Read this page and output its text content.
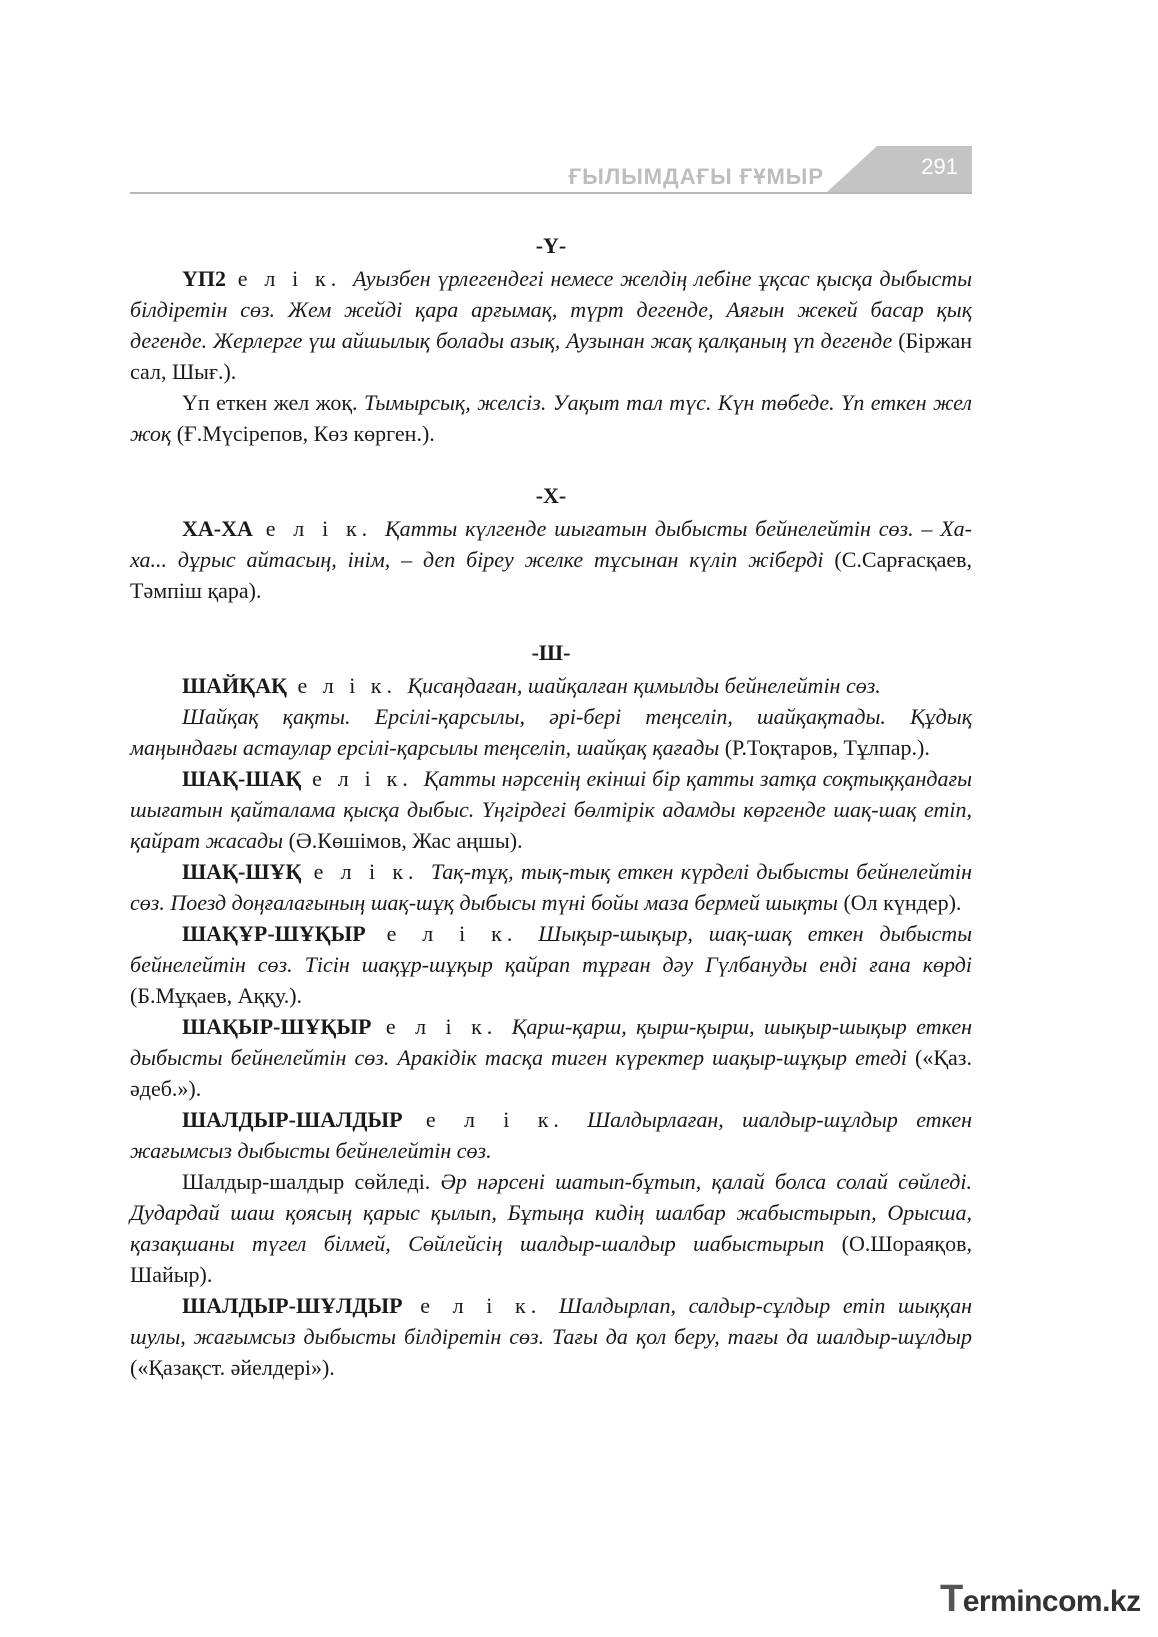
ҒЫЛЫМДАҒЫ ҒҰМЫР	291
-Ү-

ҮП2 е л і к. Ауызбен үрлегендегі немесе желдің лебіне ұқсас қысқа дыбысты білдіретін сөз. Жем жейді қара арғымақ, түрт дегенде, Аяғын жекей басар қық дегенде. Жерлерге үш айшылық болады азық, Аузынан жақ қалқаның үп дегенде (Біржан сал, Шығ.).

Үп еткен жел жоқ. Тымырсық, желсіз. Уақыт тал түс. Күн төбеде. Үп еткен жел жоқ (Ғ.Мүсірепов, Көз көрген.).

-Х-

ХА-ХА е л і к. Қатты күлгенде шығатын дыбысты бейнелейтін сөз. – Ха-ха... дұрыс айтасың, інім, – деп біреу желке тұсынан күліп жіберді (С.Сарғасқаев, Тәмпіш қара).

-Ш-

ШАЙҚАҚ е л і к. Қисаңдаған, шайқалған қимылды бейнелейтін сөз.

Шайқақ қақты. Ерсілі-қарсылы, әрі-бері теңселіп, шайқақтады. Құдық маңындағы астаулар ерсілі-қарсылы теңселіп, шайқақ қағады (Р.Тоқтаров, Тұлпар.).

ШАҚ-ШАҚ е л і к. Қатты нәрсенің екінші бір қатты затқа соқтыққандағы шығатын қайталама қысқа дыбыс. Үңгірдегі бөлтірік адамды көргенде шақ-шақ етіп, қайрат жасады (Ә.Көшімов, Жас аңшы).

ШАҚ-ШҰҚ е л і к. Тақ-тұқ, тық-тық еткен күрделі дыбысты бейнелейтін сөз. Поезд доңғалағының шақ-шұқ дыбысы түні бойы маза бермей шықты (Ол күндер).

ШАҚҰР-ШҰҚЫР е л і к. Шықыр-шықыр, шақ-шақ еткен дыбысты бейнелейтін сөз. Тісін шақұр-шұқыр қайрап тұрған дәу Гүлбануды енді ғана көрді (Б.Мұқаев, Аққу.).

ШАҚЫР-ШҰҚЫР е л і к. Қарш-қарш, қырш-қырш, шықыр-шықыр еткен дыбысты бейнелейтін сөз. Аракідік тасқа тиген күректер шақыр-шұқыр етеді («Қаз. әдеб.»).

ШАЛДЫР-ШАЛДЫР е л і к. Шалдырлаған, шалдыр-шұлдыр еткен жағымсыз дыбысты бейнелейтін сөз.

Шалдыр-шалдыр сөйледі. Әр нәрсені шатып-бұтып, қалай болса солай сөйледі. Дудардай шаш қоясың қарыс қылып, Бұтыңа кидің шалбар жабыстырып, Орысша, қазақшаны түгел білмей, Сөйлейсің шалдыр-шалдыр шабыстырып (О.Шораяқов, Шайыр).

ШАЛДЫР-ШҰЛДЫР е л і к. Шалдырлап, салдыр-сұлдыр етіп шыққан шулы, жағымсыз дыбысты білдіретін сөз. Тағы да қол беру, тағы да шалдыр-шұлдыр («Қазақст. әйелдері»).

Termincom.kz
